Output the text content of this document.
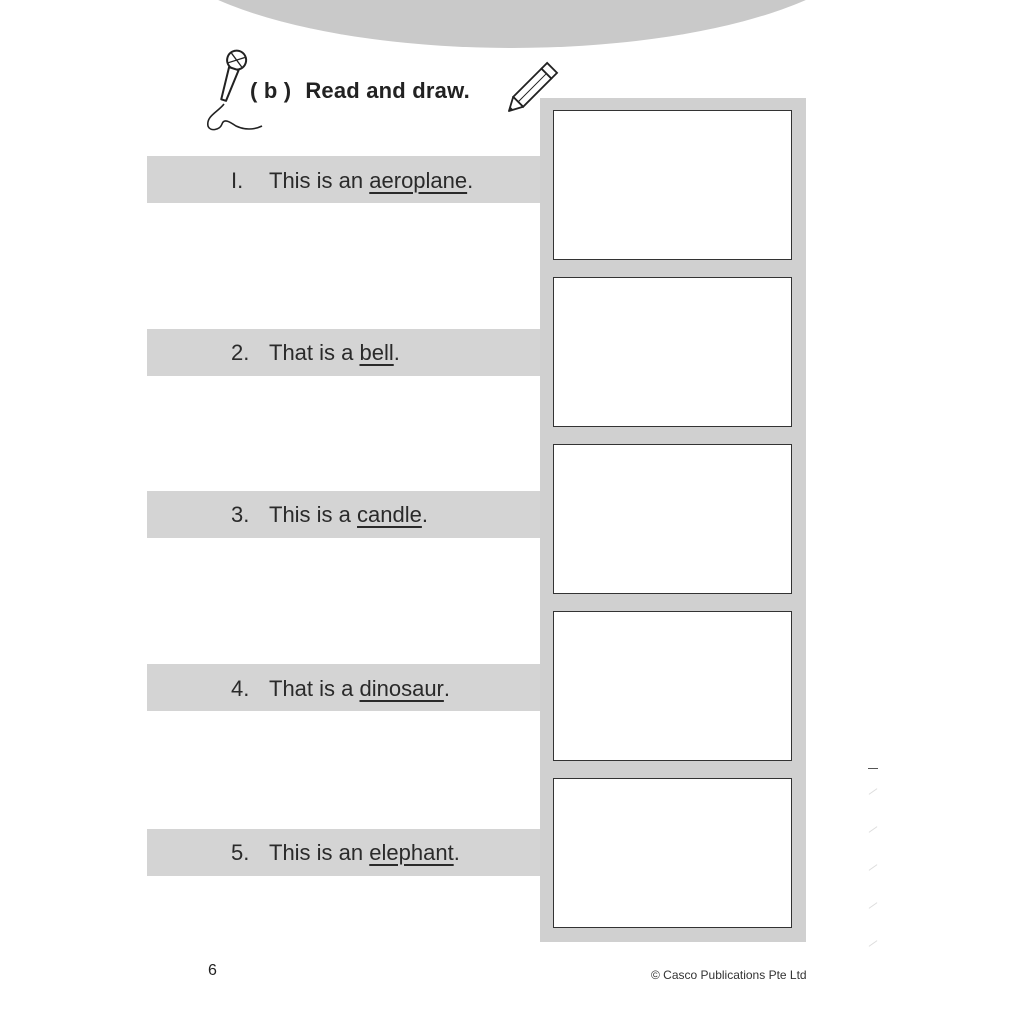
( b ) Read and draw.
I.	This is an aeroplane .
2. That is a bell .
3. This is a candle .
4. That is a dinosaur .
5. This is an elephant .
6	© Casco Publications Pte Ltd
